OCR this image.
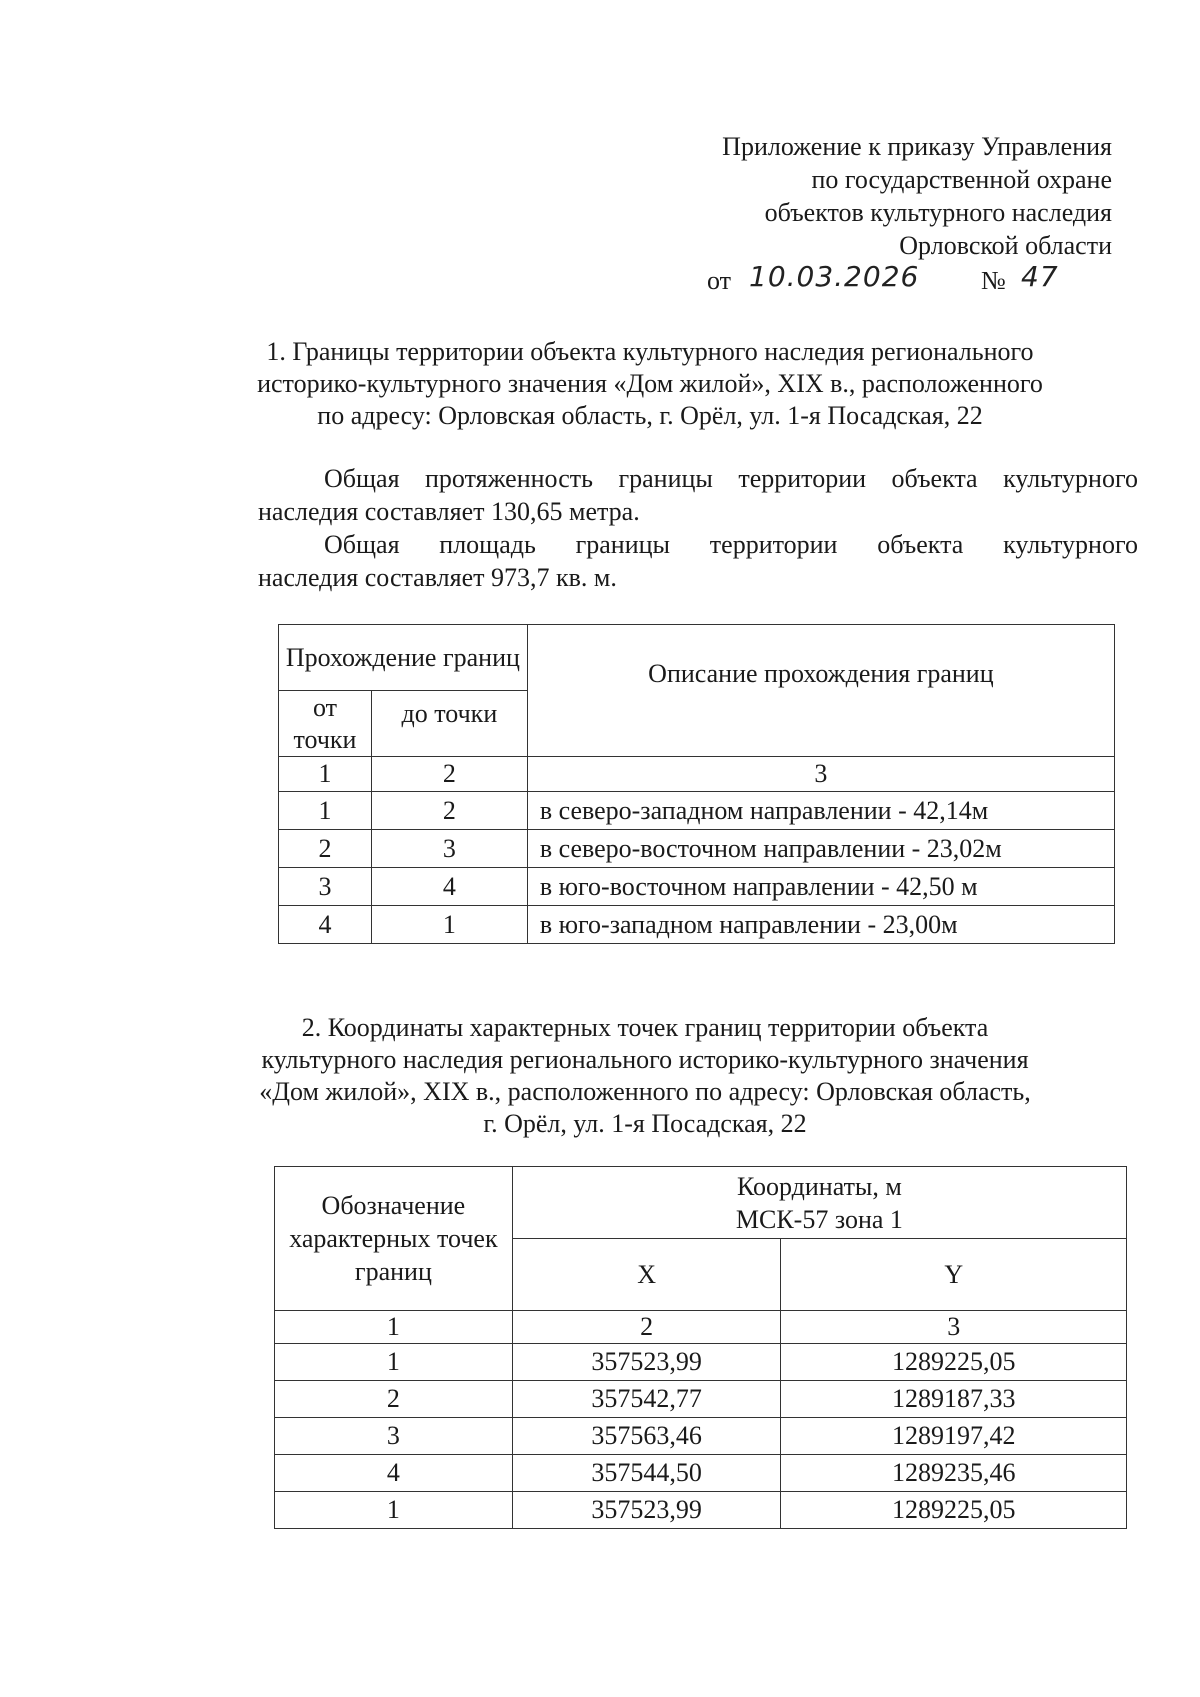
Приложение к приказу Управления
по государственной охране
объектов культурного наследия
Орловской области
от 10.03.2026 № 47
1. Границы территории объекта культурного наследия регионального
историко-культурного значения «Дом жилой», XIX в., расположенного
по адресу: Орловская область, г. Орёл, ул. 1-я Посадская, 22
Общая протяженность границы территории объекта культурного
наследия составляет 130,65 метра.
Общая площадь границы территории объекта культурного
наследия составляет 973,7 кв. м.
Прохождение границ		Описание прохождения границ
от точки	до точки	
1	2	3
1	2	в северо-западном направлении - 42,14м
2	3	в северо-восточном направлении - 23,02м
3	4	в юго-восточном направлении - 42,50 м
4	1	в юго-западном направлении - 23,00м
2. Координаты характерных точек границ территории объекта
культурного наследия регионального историко-культурного значения
«Дом жилой», XIX в., расположенного по адресу: Орловская область,
г. Орёл, ул. 1-я Посадская, 22
Обозначение характерных точек границ	Координаты, м
МСК-57 зона 1	

	X	Y
1	2	3
1	357523,99	1289225,05
2	357542,77	1289187,33
3	357563,46	1289197,42
4	357544,50	1289235,46
1	357523,99	1289225,05
